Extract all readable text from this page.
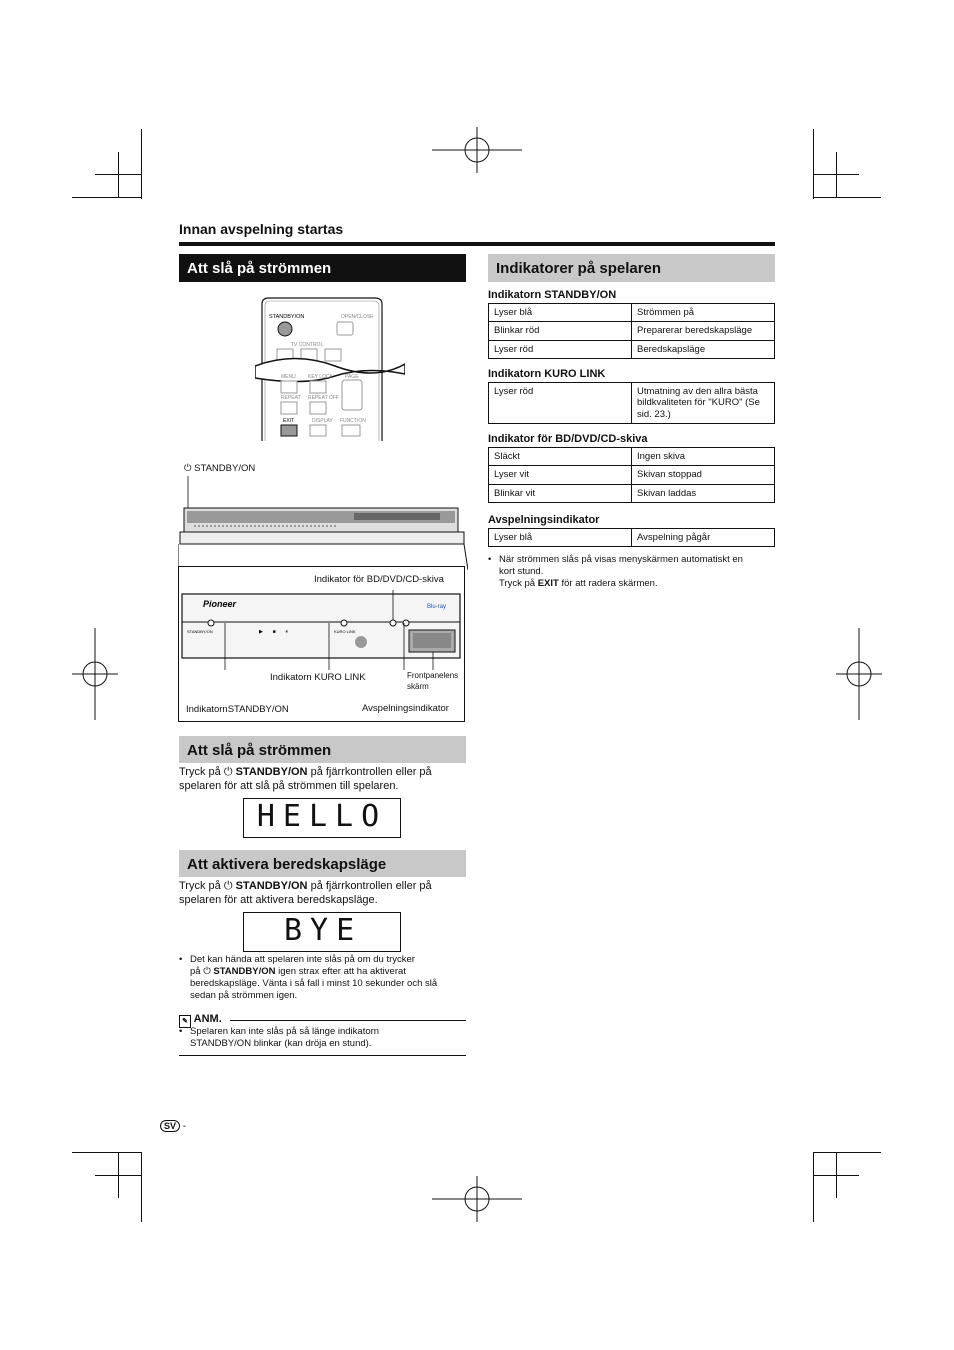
Innan avspelning startas
Att slå på strömmen
STANDBY/ON	OPEN/CLOSE
TV CONTROL
MENU KEY LOCK PAGE
REPEAT REPEAT OFF
EXIT	DISPLAY FUNCTION
⏻ STANDBY/ON
Pioneer	Blu-ray
STANDBY/ON	KURO LINK
▶       ■       ⏸
Indikator för BD/DVD/CD-skiva
Indikatorn KURO LINK	Frontpanelens skärm
IndikatornSTANDBY/ON	Avspelningsindikator
Att slå på strömmen
Tryck på ⏻ STANDBY/ON på fjärrkontrollen eller på
spelaren för att slå på strömmen till spelaren.
HELLO
Att aktivera beredskapsläge
Tryck på ⏻ STANDBY/ON på fjärrkontrollen eller på
spelaren för att aktivera beredskapsläge.
BYE
• Det kan hända att spelaren inte slås på om du trycker
på ⏻ STANDBY/ON igen strax efter att ha aktiverat
beredskapsläge. Vänta i så fall i minst 10 sekunder och slå
sedan på strömmen igen.
✎ ANM.
• Spelaren kan inte slås på så länge indikatorn
STANDBY/ON blinkar (kan dröja en stund).
SV -
Indikatorer på spelaren
Indikatorn STANDBY/ON
Lyser blå	Strömmen på
Blinkar röd	Preparerar beredskapsläge
Lyser röd	Beredskapsläge
Indikatorn KURO LINK
Lyser röd	Utmatning av den allra bästa bildkvaliteten för "KURO" (Se sid. 23.)
Indikator för BD/DVD/CD-skiva
Släckt	Ingen skiva
Lyser vit	Skivan stoppad
Blinkar vit	Skivan laddas
Avspelningsindikator
Lyser blå	Avspelning pågår
• När strömmen slås på visas menyskärmen automatiskt en
kort stund.
Tryck på EXIT för att radera skärmen.
